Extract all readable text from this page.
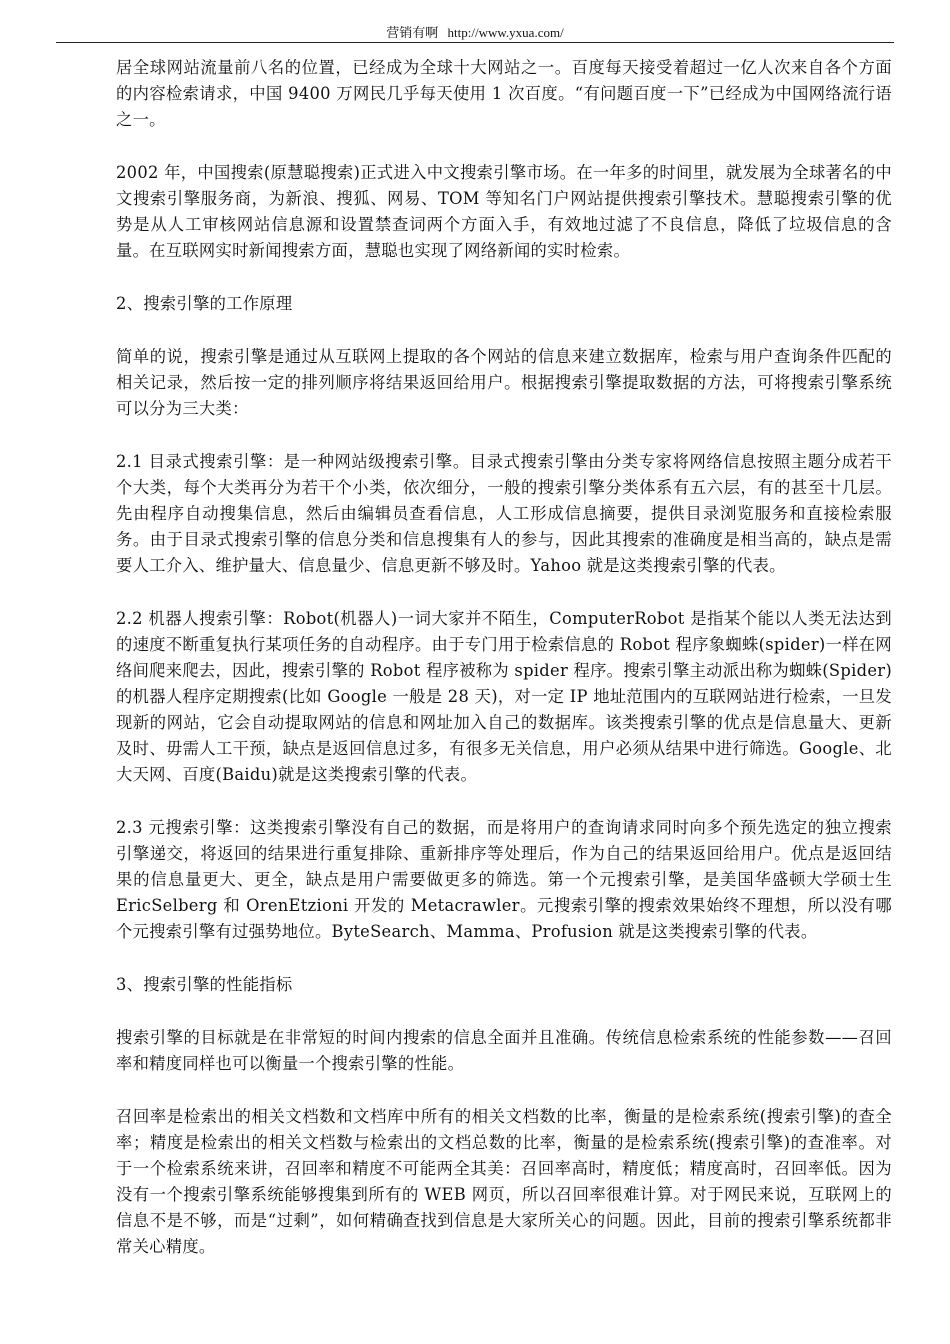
营销有啊 http://www.yxua.com/

居全球网站流量前八名的位置，已经成为全球十大网站之一。百度每天接受着超过一亿人次来自各个方面的内容检索请求，中国 9400 万网民几乎每天使用 1 次百度。“有问题百度一下”已经成为中国网络流行语之一。

2002 年，中国搜索(原慧聪搜索)正式进入中文搜索引擎市场。在一年多的时间里，就发展为全球著名的中文搜索引擎服务商，为新浪、搜狐、网易、TOM 等知名门户网站提供搜索引擎技术。慧聪搜索引擎的优势是从人工审核网站信息源和设置禁查词两个方面入手，有效地过滤了不良信息，降低了垃圾信息的含量。在互联网实时新闻搜索方面，慧聪也实现了网络新闻的实时检索。

2、搜索引擎的工作原理

简单的说，搜索引擎是通过从互联网上提取的各个网站的信息来建立数据库，检索与用户查询条件匹配的相关记录，然后按一定的排列顺序将结果返回给用户。根据搜索引擎提取数据的方法，可将搜索引擎系统可以分为三大类：

2.1 目录式搜索引擎：是一种网站级搜索引擎。目录式搜索引擎由分类专家将网络信息按照主题分成若干个大类，每个大类再分为若干个小类，依次细分，一般的搜索引擎分类体系有五六层，有的甚至十几层。先由程序自动搜集信息，然后由编辑员查看信息，人工形成信息摘要，提供目录浏览服务和直接检索服务。由于目录式搜索引擎的信息分类和信息搜集有人的参与，因此其搜索的准确度是相当高的，缺点是需要人工介入、维护量大、信息量少、信息更新不够及时。Yahoo 就是这类搜索引擎的代表。

2.2 机器人搜索引擎：Robot(机器人)一词大家并不陌生，ComputerRobot 是指某个能以人类无法达到的速度不断重复执行某项任务的自动程序。由于专门用于检索信息的 Robot 程序象蜘蛛(spider)一样在网络间爬来爬去，因此，搜索引擎的 Robot 程序被称为 spider 程序。搜索引擎主动派出称为蜘蛛(Spider)的机器人程序定期搜索(比如 Google 一般是 28 天)，对一定 IP 地址范围内的互联网站进行检索，一旦发现新的网站，它会自动提取网站的信息和网址加入自己的数据库。该类搜索引擎的优点是信息量大、更新及时、毋需人工干预，缺点是返回信息过多，有很多无关信息，用户必须从结果中进行筛选。Google、北大天网、百度(Baidu)就是这类搜索引擎的代表。

2.3 元搜索引擎：这类搜索引擎没有自己的数据，而是将用户的查询请求同时向多个预先选定的独立搜索引擎递交，将返回的结果进行重复排除、重新排序等处理后，作为自己的结果返回给用户。优点是返回结果的信息量更大、更全，缺点是用户需要做更多的筛选。第一个元搜索引擎，是美国华盛顿大学硕士生 EricSelberg 和 OrenEtzioni 开发的 Metacrawler。元搜索引擎的搜索效果始终不理想，所以没有哪个元搜索引擎有过强势地位。ByteSearch、Mamma、Profusion 就是这类搜索引擎的代表。

3、搜索引擎的性能指标

搜索引擎的目标就是在非常短的时间内搜索的信息全面并且准确。传统信息检索系统的性能参数——召回率和精度同样也可以衡量一个搜索引擎的性能。

召回率是检索出的相关文档数和文档库中所有的相关文档数的比率，衡量的是检索系统(搜索引擎)的查全率；精度是检索出的相关文档数与检索出的文档总数的比率，衡量的是检索系统(搜索引擎)的查准率。对于一个检索系统来讲，召回率和精度不可能两全其美：召回率高时，精度低；精度高时，召回率低。因为没有一个搜索引擎系统能够搜集到所有的 WEB 网页，所以召回率很难计算。对于网民来说，互联网上的信息不是不够，而是“过剩”，如何精确查找到信息是大家所关心的问题。因此，目前的搜索引擎系统都非常关心精度。
